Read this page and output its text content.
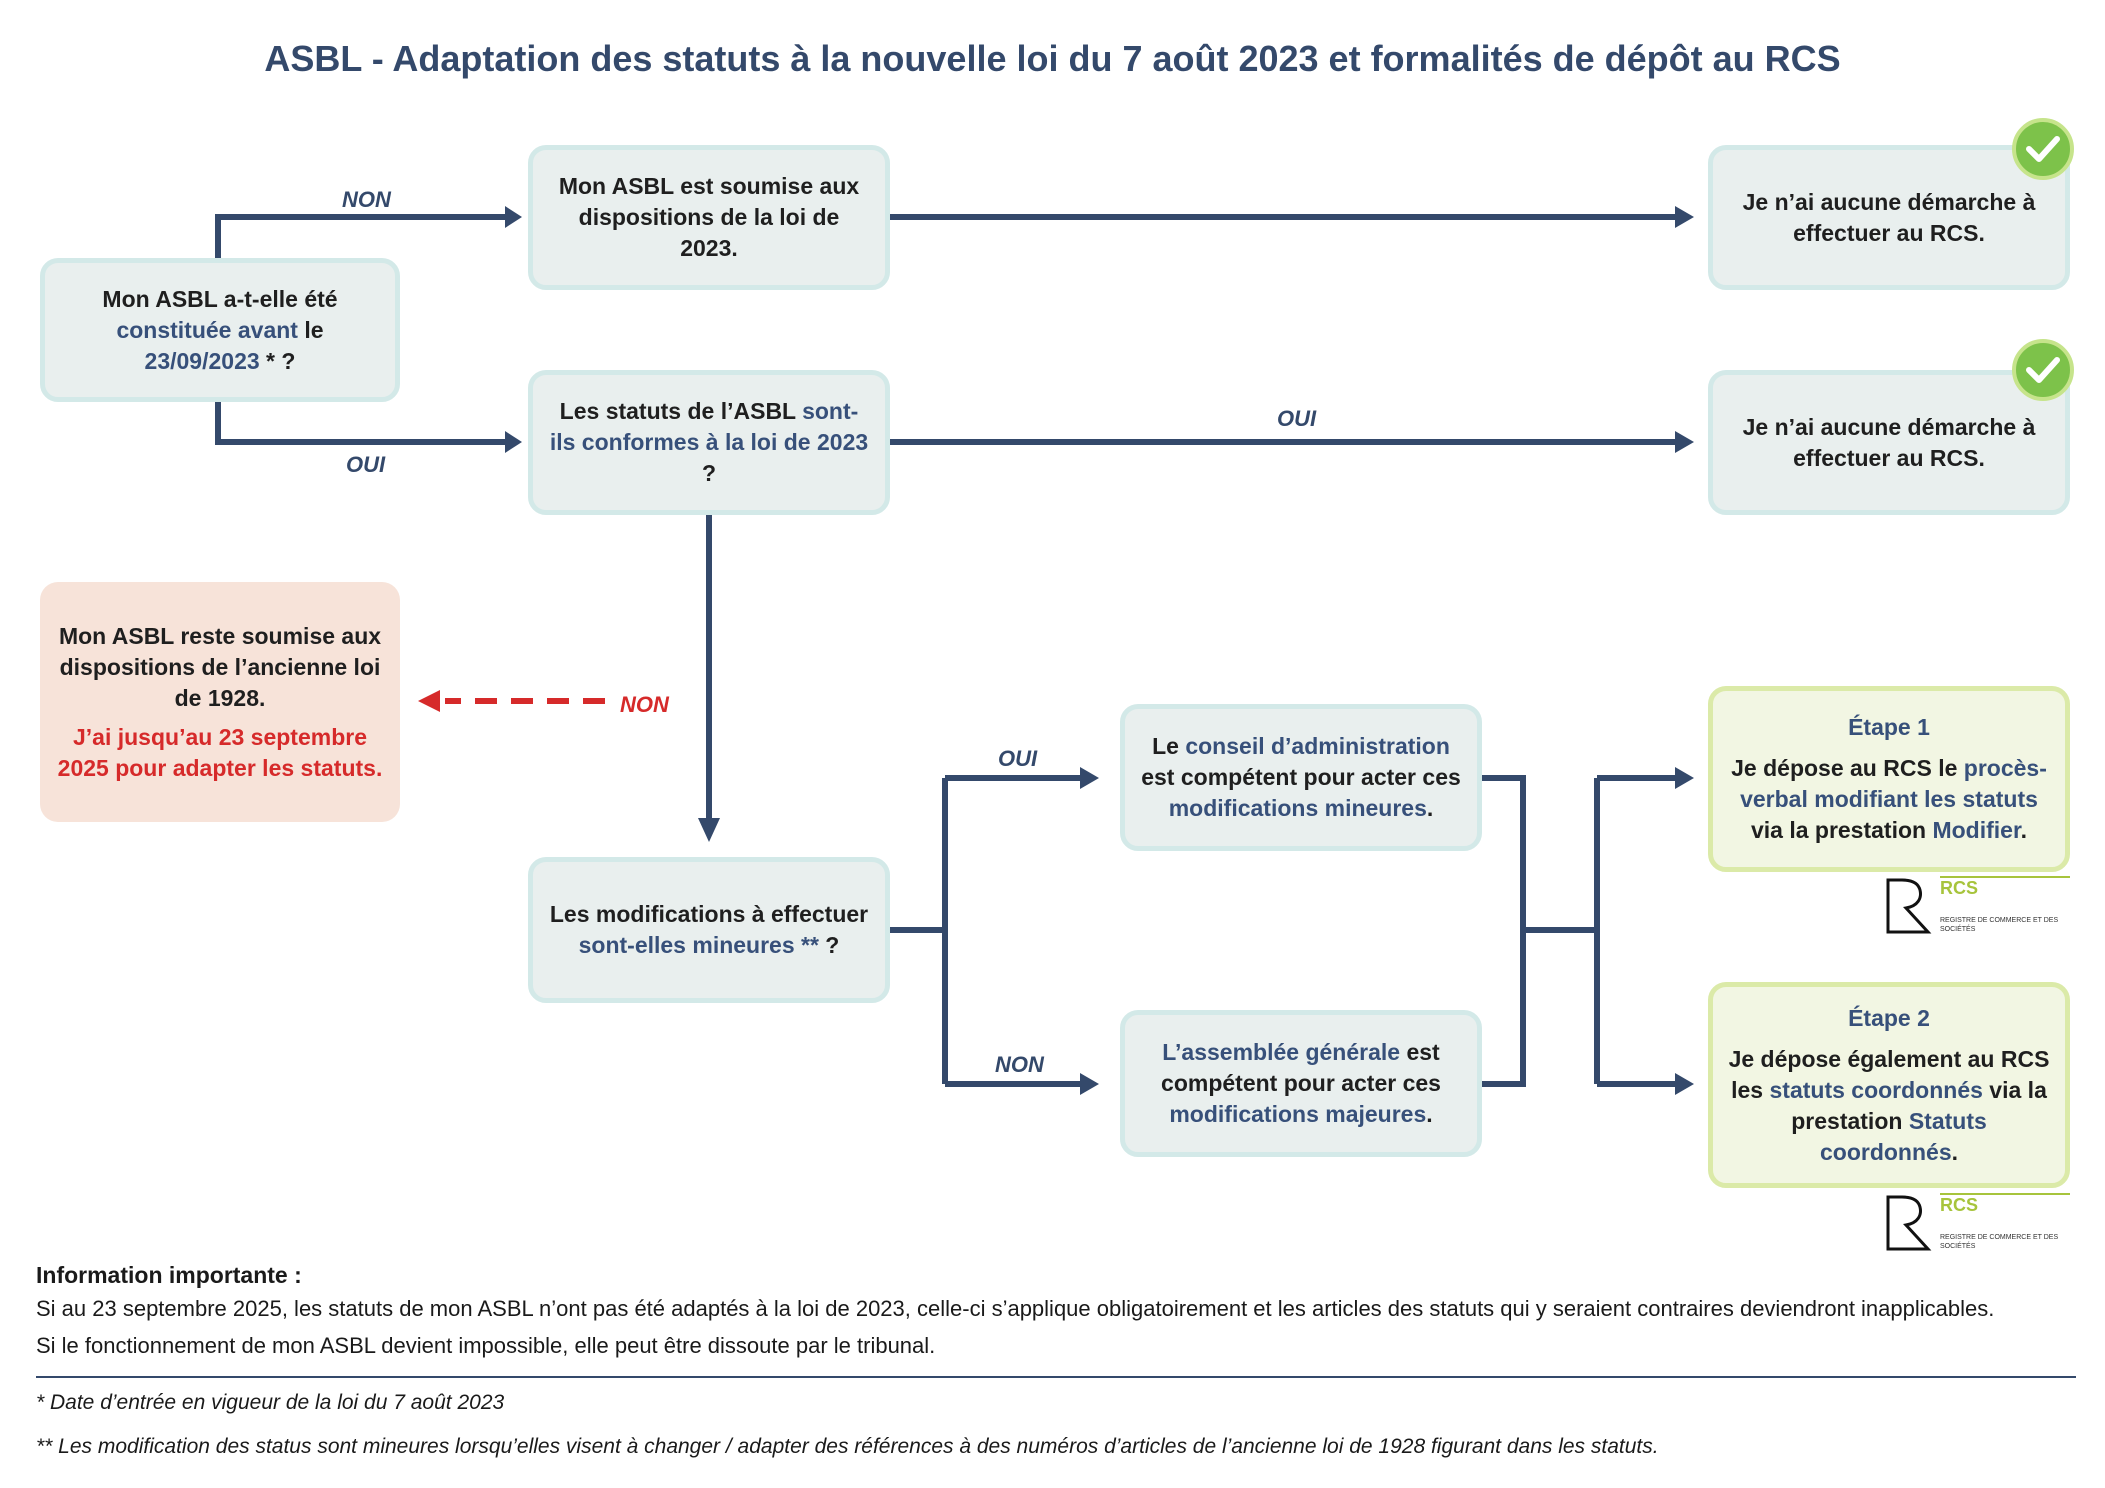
ASBL - Adaptation des statuts à la nouvelle loi du 7 août 2023 et formalités de dépôt au RCS
Mon ASBL a-t-elle été constituée avant le 23/09/2023 * ?
Mon ASBL est soumise aux dispositions de la loi de 2023.
Je n’ai aucune démarche à effectuer au RCS.
Les statuts de l’ASBL sont-ils conformes à la loi de 2023 ?
Je n’ai aucune démarche à effectuer au RCS.
Mon ASBL reste soumise aux dispositions de l’ancienne loi de 1928.
J’ai jusqu’au 23 septembre 2025 pour adapter les statuts.
Les modifications à effectuer sont-elles mineures ** ?
Le conseil d’administration est compétent pour acter ces modifications mineures.
L’assemblée générale est compétent pour acter ces modifications majeures.
Étape 1
Je dépose au RCS le procès-verbal modifiant les statuts via la prestation Modifier.
Étape 2
Je dépose également au RCS les statuts coordonnés via la prestation Statuts coordonnés.
RCS
REGISTRE DE COMMERCE ET DES SOCIÉTÉS
RCS
REGISTRE DE COMMERCE ET DES SOCIÉTÉS
NON
OUI
OUI
NON
OUI
NON
Information importante :
Si au 23 septembre 2025, les statuts de mon ASBL n’ont pas été adaptés à la loi de 2023, celle-ci s’applique obligatoirement et les articles des statuts qui y seraient contraires deviendront inapplicables.
Si le fonctionnement de mon ASBL devient impossible, elle peut être dissoute par le tribunal.
* Date d’entrée en vigueur de la loi du 7 août 2023
** Les modification des status sont mineures lorsqu’elles visent à changer / adapter des références à des numéros d’articles de l’ancienne loi de 1928 figurant dans les statuts.
